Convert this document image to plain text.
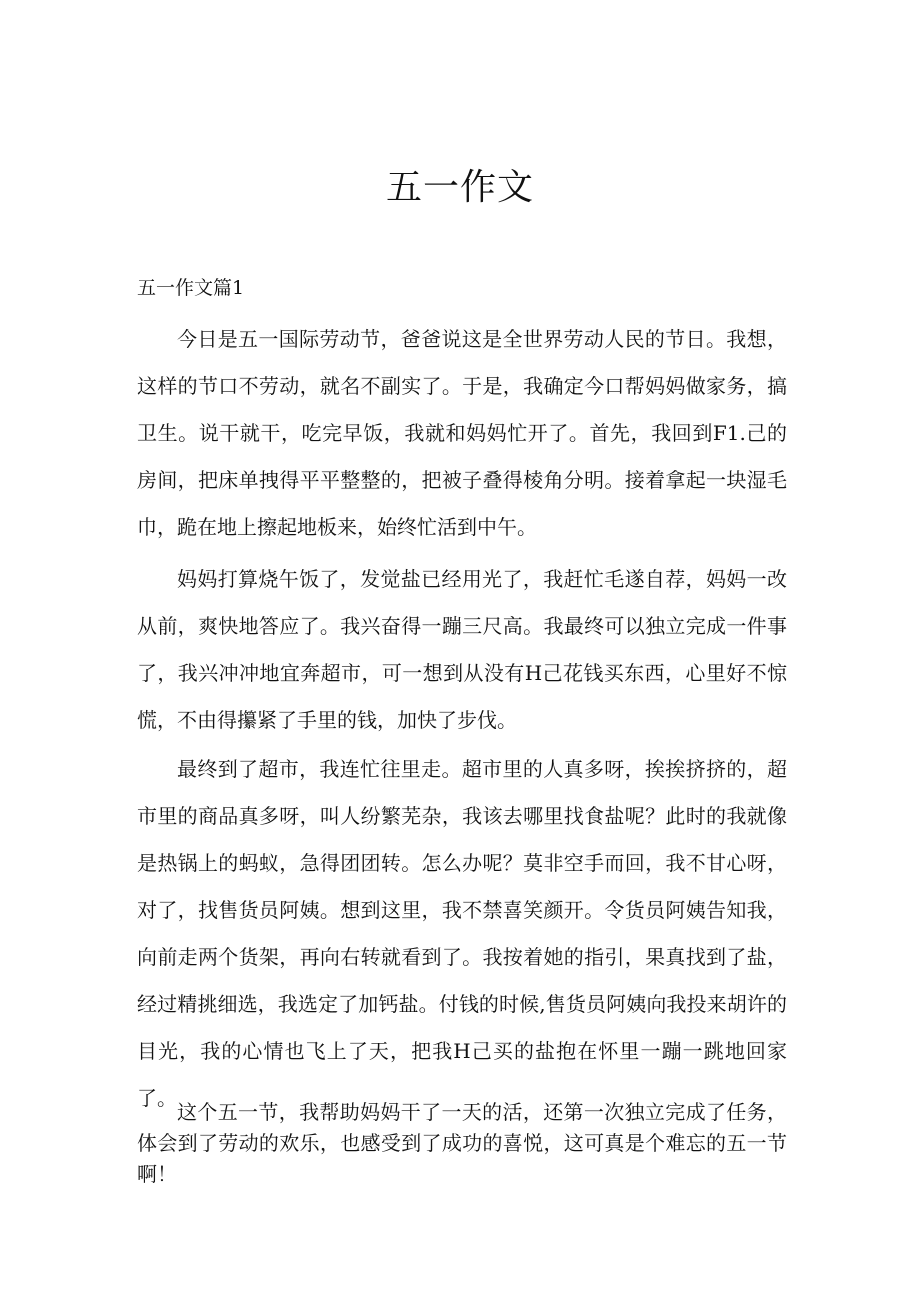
五一作文
五一作文篇1

今日是五一国际劳动节，爸爸说这是全世界劳动人民的节日。我想，这样的节口不劳动，就名不副实了。于是，我确定今口帮妈妈做家务，搞卫生。说干就干，吃完早饭，我就和妈妈忙开了。首先，我回到F1.己的房间，把床单拽得平平整整的，把被子叠得棱角分明。接着拿起一块湿毛巾，跪在地上擦起地板来，始终忙活到中午。

妈妈打算烧午饭了，发觉盐已经用光了，我赶忙毛遂自荐，妈妈一改从前，爽快地答应了。我兴奋得一蹦三尺高。我最终可以独立完成一件事了，我兴冲冲地宜奔超市，可一想到从没有H己花钱买东西，心里好不惊慌，不由得攥紧了手里的钱，加快了步伐。

最终到了超市，我连忙往里走。超市里的人真多呀，挨挨挤挤的，超市里的商品真多呀，叫人纷繁芜杂，我该去哪里找食盐呢？此时的我就像是热锅上的蚂蚁，急得团团转。怎么办呢？莫非空手而回，我不甘心呀，对了，找售货员阿姨。想到这里，我不禁喜笑颜开。令货员阿姨告知我，向前走两个货架，再向右转就看到了。我按着她的指引，果真找到了盐，经过精挑细选，我选定了加钙盐。付钱的时候,售货员阿姨向我投来胡许的目光，我的心情也飞上了天，把我H己买的盐抱在怀里一蹦一跳地回家了。

这个五一节，我帮助妈妈干了一天的活，还第一次独立完成了任务，体会到了劳动的欢乐，也感受到了成功的喜悦，这可真是个难忘的五一节啊！
